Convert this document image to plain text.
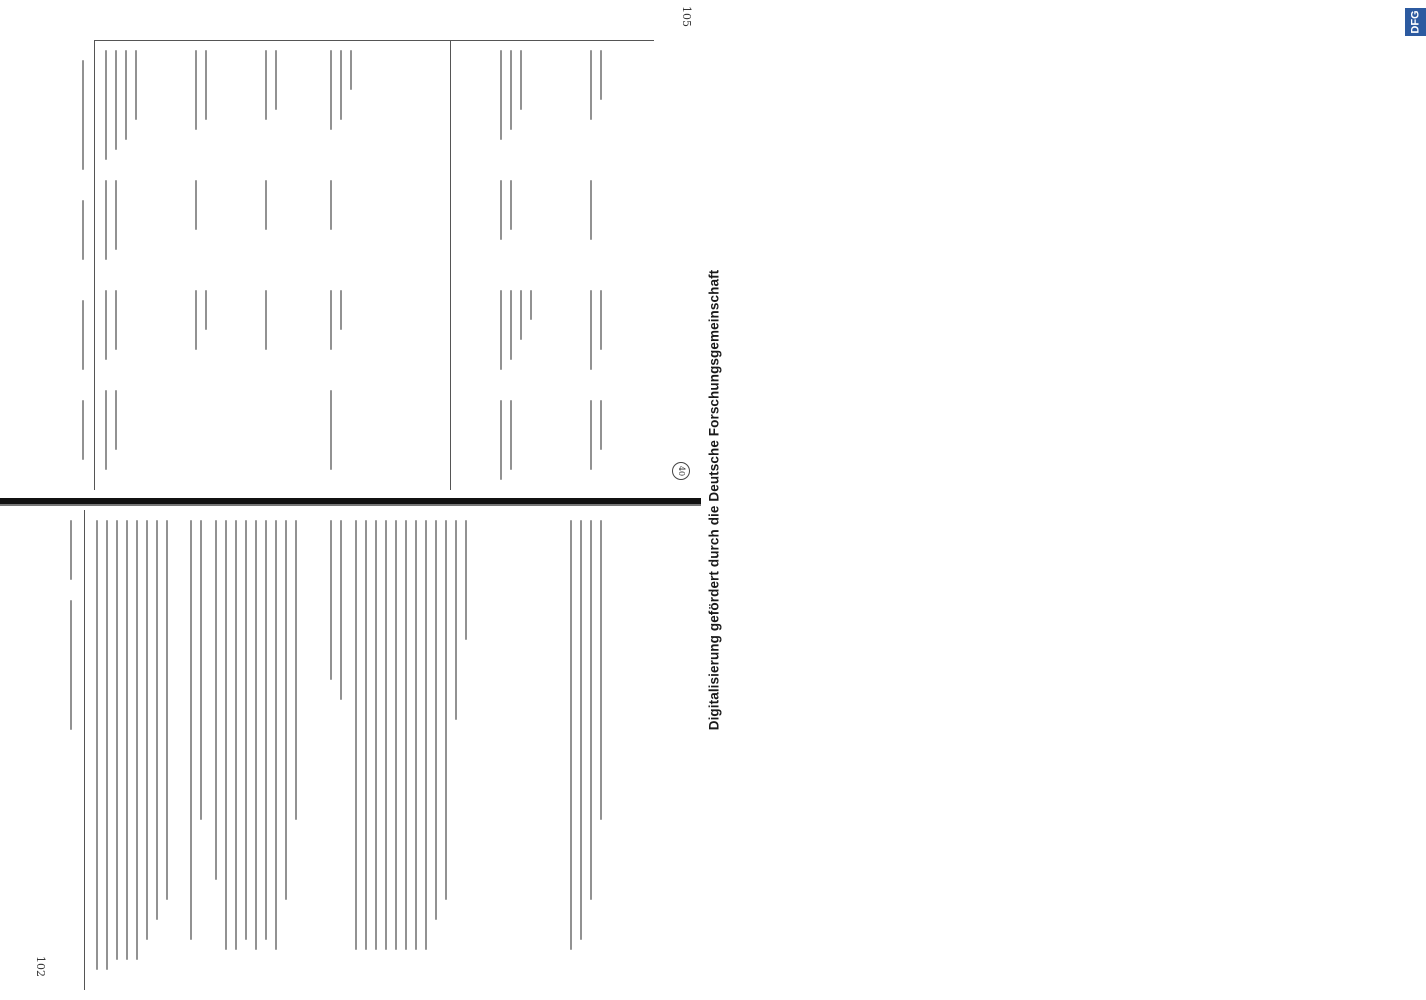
DFG
Digitalisierung gefördert durch die Deutsche Forschungsgemeinschaft
105
40
102
